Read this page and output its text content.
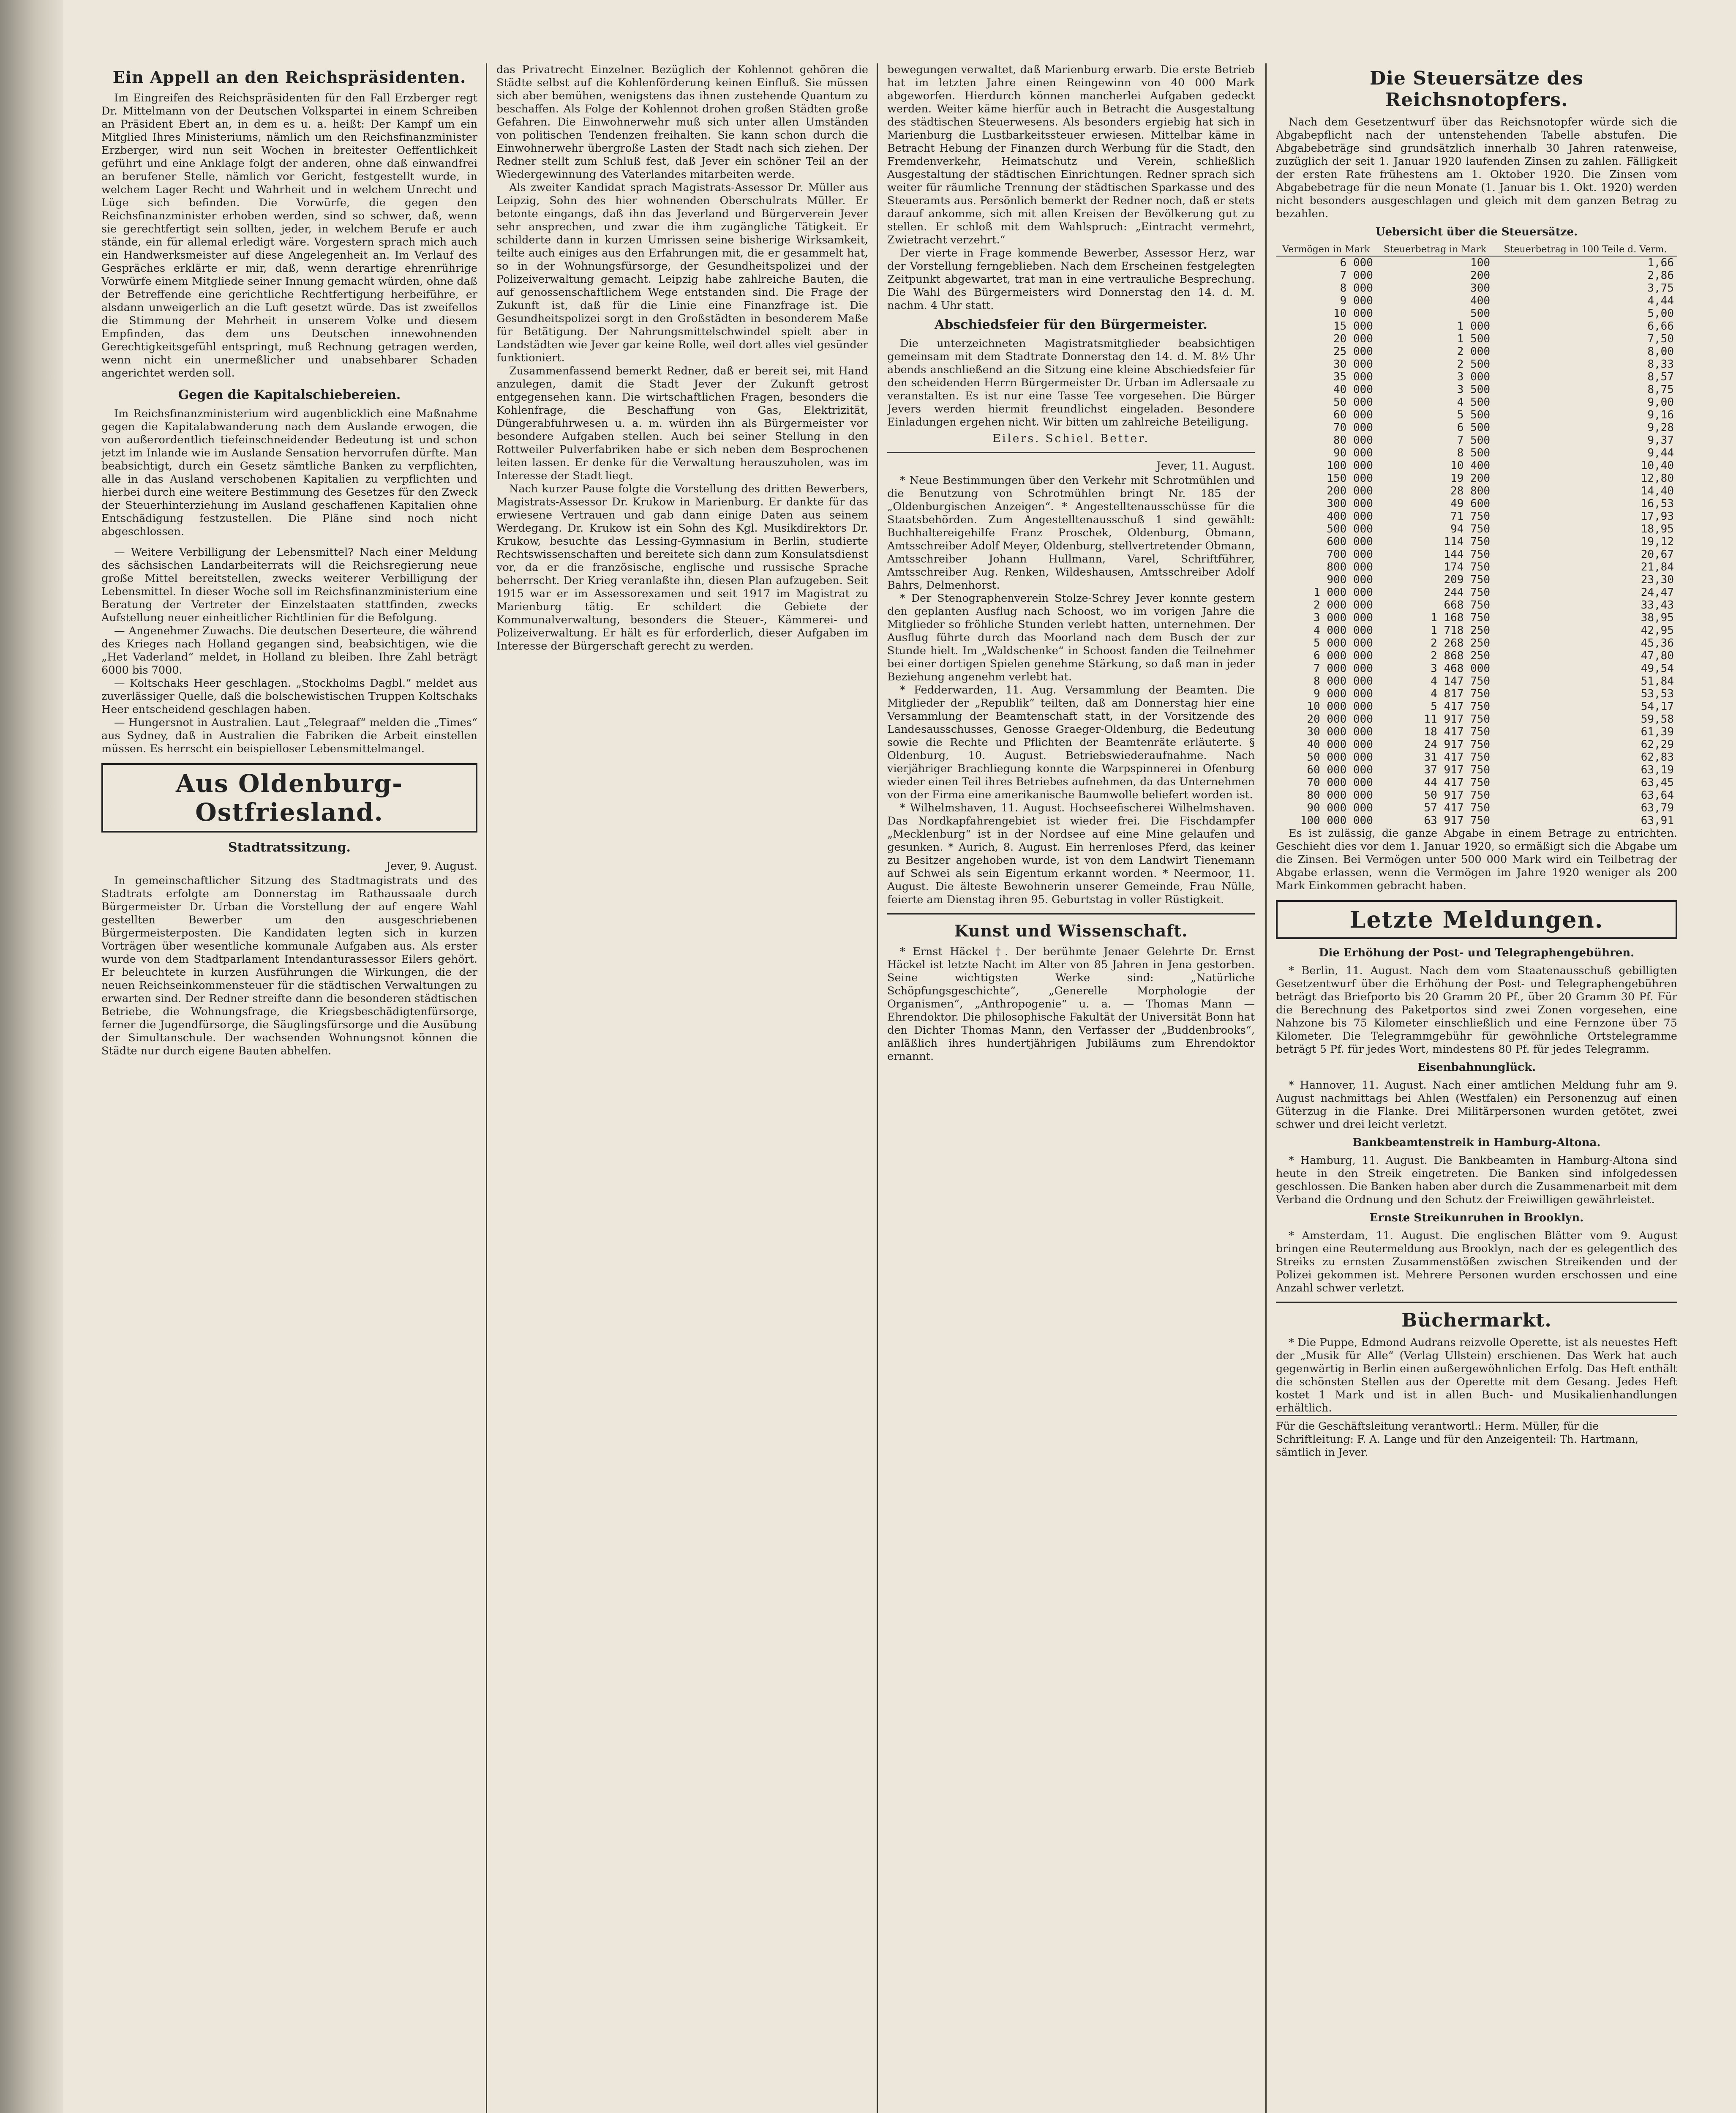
Ein Appell an den Reichspräsidenten.

Im Eingreifen des Reichspräsidenten für den Fall Erzberger regt Dr. Mittelmann von der Deutschen Volkspartei in einem Schreiben an Präsident Ebert an, in dem es u. a. heißt: Der Kampf um ein Mitglied Ihres Ministeriums, nämlich um den Reichsfinanzminister Erzberger, wird nun seit Wochen in breitester Oeffentlichkeit geführt und eine Anklage folgt der anderen, ohne daß einwandfrei an berufener Stelle, nämlich vor Gericht, festgestellt wurde, in welchem Lager Recht und Wahrheit und in welchem Unrecht und Lüge sich befinden. Die Vorwürfe, die gegen den Reichsfinanzminister erhoben werden, sind so schwer, daß, wenn sie gerechtfertigt sein sollten, jeder, in welchem Berufe er auch stände, ein für allemal erledigt wäre. Vorgestern sprach mich auch ein Handwerksmeister auf diese Angelegenheit an. Im Verlauf des Gespräches erklärte er mir, daß, wenn derartige ehrenrührige Vorwürfe einem Mitgliede seiner Innung gemacht würden, ohne daß der Betreffende eine gerichtliche Rechtfertigung herbeiführe, er alsdann unweigerlich an die Luft gesetzt würde. Das ist zweifellos die Stimmung der Mehrheit in unserem Volke und diesem Empfinden, das dem uns Deutschen innewohnenden Gerechtigkeitsgefühl entspringt, muß Rechnung getragen werden, wenn nicht ein unermeßlicher und unabsehbarer Schaden angerichtet werden soll.

Gegen die Kapitalschiebereien.

Im Reichsfinanzministerium wird augenblicklich eine Maßnahme gegen die Kapitalabwanderung nach dem Auslande erwogen, die von außerordentlich tiefeinschneidender Bedeutung ist und schon jetzt im Inlande wie im Auslande Sensation hervorrufen dürfte. Man beabsichtigt, durch ein Gesetz sämtliche Banken zu verpflichten, alle in das Ausland verschobenen Kapitalien zu verpflichten und hierbei durch eine weitere Bestimmung des Gesetzes für den Zweck der Steuerhinterziehung im Ausland geschaffenen Kapitalien ohne Entschädigung festzustellen. Die Pläne sind noch nicht abgeschlossen.

— Weitere Verbilligung der Lebensmittel? Nach einer Meldung des sächsischen Landarbeiterrats will die Reichsregierung neue große Mittel bereitstellen, zwecks weiterer Verbilligung der Lebensmittel. In dieser Woche soll im Reichsfinanzministerium eine Beratung der Vertreter der Einzelstaaten stattfinden, zwecks Aufstellung neuer einheitlicher Richtlinien für die Befolgung.

— Angenehmer Zuwachs. Die deutschen Deserteure, die während des Krieges nach Holland gegangen sind, beabsichtigen, wie die „Het Vaderland“ meldet, in Holland zu bleiben. Ihre Zahl beträgt 6000 bis 7000.

— Koltschaks Heer geschlagen. „Stockholms Dagbl.“ meldet aus zuverlässiger Quelle, daß die bolschewistischen Truppen Koltschaks Heer entscheidend geschlagen haben.

— Hungersnot in Australien. Laut „Telegraaf“ melden die „Times“ aus Sydney, daß in Australien die Fabriken die Arbeit einstellen müssen. Es herrscht ein beispielloser Lebensmittelmangel.

Aus Oldenburg-Ostfriesland.
Stadtratssitzung.
Jever, 9. August.

In gemeinschaftlicher Sitzung des Stadtmagistrats und des Stadtrats erfolgte am Donnerstag im Rathaussaale durch Bürgermeister Dr. Urban die Vorstellung der auf engere Wahl gestellten Bewerber um den ausgeschriebenen Bürgermeisterposten. Die Kandidaten legten sich in kurzen Vorträgen über wesentliche kommunale Aufgaben aus. Als erster wurde von dem Stadtparlament Intendanturassessor Eilers gehört. Er beleuchtete in kurzen Ausführungen die Wirkungen, die der neuen Reichseinkommensteuer für die städtischen Verwaltungen zu erwarten sind. Der Redner streifte dann die besonderen städtischen Betriebe, die Wohnungsfrage, die Kriegsbeschädigtenfürsorge, ferner die Jugendfürsorge, die Säuglingsfürsorge und die Ausübung der Simultanschule. Der wachsenden Wohnungsnot können die Städte nur durch eigene Bauten abhelfen.

das Privatrecht Einzelner. Bezüglich der Kohlennot gehören die Städte selbst auf die Kohlenförderung keinen Einfluß. Sie müssen sich aber bemühen, wenigstens das ihnen zustehende Quantum zu beschaffen. Als Folge der Kohlennot drohen großen Städten große Gefahren. Die Einwohnerwehr muß sich unter allen Umständen von politischen Tendenzen freihalten. Sie kann schon durch die Einwohnerwehr übergroße Lasten der Stadt nach sich ziehen. Der Redner stellt zum Schluß fest, daß Jever ein schöner Teil an der Wiedergewinnung des Vaterlandes mitarbeiten werde.

Als zweiter Kandidat sprach Magistrats-Assessor Dr. Müller aus Leipzig, Sohn des hier wohnenden Oberschulrats Müller. Er betonte eingangs, daß ihn das Jeverland und Bürgerverein Jever sehr ansprechen, und zwar die ihm zugängliche Tätigkeit. Er schilderte dann in kurzen Umrissen seine bisherige Wirksamkeit, teilte auch einiges aus den Erfahrungen mit, die er gesammelt hat, so in der Wohnungsfürsorge, der Gesundheitspolizei und der Polizeiverwaltung gemacht. Leipzig habe zahlreiche Bauten, die auf genossenschaftlichem Wege entstanden sind. Die Frage der Zukunft ist, daß für die Linie eine Finanzfrage ist. Die Gesundheitspolizei sorgt in den Großstädten in besonderem Maße für Betätigung. Der Nahrungsmittelschwindel spielt aber in Landstädten wie Jever gar keine Rolle, weil dort alles viel gesünder funktioniert.

Zusammenfassend bemerkt Redner, daß er bereit sei, mit Hand anzulegen, damit die Stadt Jever der Zukunft getrost entgegensehen kann. Die wirtschaftlichen Fragen, besonders die Kohlenfrage, die Beschaffung von Gas, Elektrizität, Düngerabfuhrwesen u. a. m. würden ihn als Bürgermeister vor besondere Aufgaben stellen. Auch bei seiner Stellung in den Rottweiler Pulverfabriken habe er sich neben dem Besprochenen leiten lassen. Er denke für die Verwaltung herauszuholen, was im Interesse der Stadt liegt.

Nach kurzer Pause folgte die Vorstellung des dritten Bewerbers, Magistrats-Assessor Dr. Krukow in Marienburg. Er dankte für das erwiesene Vertrauen und gab dann einige Daten aus seinem Werdegang. Dr. Krukow ist ein Sohn des Kgl. Musikdirektors Dr. Krukow, besuchte das Lessing-Gymnasium in Berlin, studierte Rechtswissenschaften und bereitete sich dann zum Konsulatsdienst vor, da er die französische, englische und russische Sprache beherrscht. Der Krieg veranlaßte ihn, diesen Plan aufzugeben. Seit 1915 war er im Assessorexamen und seit 1917 im Magistrat zu Marienburg tätig. Er schildert die Gebiete der Kommunalverwaltung, besonders die Steuer-, Kämmerei- und Polizeiverwaltung. Er hält es für erforderlich, dieser Aufgaben im Interesse der Bürgerschaft gerecht zu werden.

bewegungen verwaltet, daß Marienburg erwarb. Die erste Betrieb hat im letzten Jahre einen Reingewinn von 40 000 Mark abgeworfen. Hierdurch können mancherlei Aufgaben gedeckt werden. Weiter käme hierfür auch in Betracht die Ausgestaltung des städtischen Steuerwesens. Als besonders ergiebig hat sich in Marienburg die Lustbarkeitssteuer erwiesen. Mittelbar käme in Betracht Hebung der Finanzen durch Werbung für die Stadt, den Fremdenverkehr, Heimatschutz und Verein, schließlich Ausgestaltung der städtischen Einrichtungen. Redner sprach sich weiter für räumliche Trennung der städtischen Sparkasse und des Steueramts aus. Persönlich bemerkt der Redner noch, daß er stets darauf ankomme, sich mit allen Kreisen der Bevölkerung gut zu stellen. Er schloß mit dem Wahlspruch: „Eintracht vermehrt, Zwietracht verzehrt.“

Der vierte in Frage kommende Bewerber, Assessor Herz, war der Vorstellung ferngeblieben. Nach dem Erscheinen festgelegten Zeitpunkt abgewartet, trat man in eine vertrauliche Besprechung. Die Wahl des Bürgermeisters wird Donnerstag den 14. d. M. nachm. 4 Uhr statt.

Abschiedsfeier für den Bürgermeister.

Die unterzeichneten Magistratsmitglieder beabsichtigen gemeinsam mit dem Stadtrate Donnerstag den 14. d. M. 8½ Uhr abends anschließend an die Sitzung eine kleine Abschiedsfeier für den scheidenden Herrn Bürgermeister Dr. Urban im Adlersaale zu veranstalten. Es ist nur eine Tasse Tee vorgesehen. Die Bürger Jevers werden hiermit freundlichst eingeladen. Besondere Einladungen ergehen nicht. Wir bitten um zahlreiche Beteiligung.

Eilers. Schiel. Better.
Jever, 11. August.

* Neue Bestimmungen über den Verkehr mit Schrotmühlen und die Benutzung von Schrotmühlen bringt Nr. 185 der „Oldenburgischen Anzeigen“. * Angestelltenausschüsse für die Staatsbehörden. Zum Angestelltenausschuß 1 sind gewählt: Buchhaltereigehilfe Franz Proschek, Oldenburg, Obmann, Amtsschreiber Adolf Meyer, Oldenburg, stellvertretender Obmann, Amtsschreiber Johann Hullmann, Varel, Schriftführer, Amtsschreiber Aug. Renken, Wildeshausen, Amtsschreiber Adolf Bahrs, Delmenhorst.

* Der Stenographenverein Stolze-Schrey Jever konnte gestern den geplanten Ausflug nach Schoost, wo im vorigen Jahre die Mitglieder so fröhliche Stunden verlebt hatten, unternehmen. Der Ausflug führte durch das Moorland nach dem Busch der zur Stunde hielt. Im „Waldschenke“ in Schoost fanden die Teilnehmer bei einer dortigen Spielen genehme Stärkung, so daß man in jeder Beziehung angenehm verlebt hat.

* Fedderwarden, 11. Aug. Versammlung der Beamten. Die Mitglieder der „Republik“ teilten, daß am Donnerstag hier eine Versammlung der Beamtenschaft statt, in der Vorsitzende des Landesausschusses, Genosse Graeger-Oldenburg, die Bedeutung sowie die Rechte und Pflichten der Beamtenräte erläuterte. § Oldenburg, 10. August. Betriebswiederaufnahme. Nach vierjähriger Brachliegung konnte die Warpspinnerei in Ofenburg wieder einen Teil ihres Betriebes aufnehmen, da das Unternehmen von der Firma eine amerikanische Baumwolle beliefert worden ist.

* Wilhelmshaven, 11. August. Hochseefischerei Wilhelmshaven. Das Nordkapfahrengebiet ist wieder frei. Die Fischdampfer „Mecklenburg“ ist in der Nordsee auf eine Mine gelaufen und gesunken. * Aurich, 8. August. Ein herrenloses Pferd, das keiner zu Besitzer angehoben wurde, ist von dem Landwirt Tienemann auf Schwei als sein Eigentum erkannt worden. * Neermoor, 11. August. Die älteste Bewohnerin unserer Gemeinde, Frau Nülle, feierte am Dienstag ihren 95. Geburtstag in voller Rüstigkeit.

Kunst und Wissenschaft.

* Ernst Häckel †. Der berühmte Jenaer Gelehrte Dr. Ernst Häckel ist letzte Nacht im Alter von 85 Jahren in Jena gestorben. Seine wichtigsten Werke sind: „Natürliche Schöpfungsgeschichte“, „Generelle Morphologie der Organismen“, „Anthropogenie“ u. a. — Thomas Mann — Ehrendoktor. Die philosophische Fakultät der Universität Bonn hat den Dichter Thomas Mann, den Verfasser der „Buddenbrooks“, anläßlich ihres hundertjährigen Jubiläums zum Ehrendoktor ernannt.

Die Steuersätze des Reichsnotopfers.

Nach dem Gesetzentwurf über das Reichsnotopfer würde sich die Abgabepflicht nach der untenstehenden Tabelle abstufen. Die Abgabebeträge sind grundsätzlich innerhalb 30 Jahren ratenweise, zuzüglich der seit 1. Januar 1920 laufenden Zinsen zu zahlen. Fälligkeit der ersten Rate frühestens am 1. Oktober 1920. Die Zinsen vom Abgabebetrage für die neun Monate (1. Januar bis 1. Okt. 1920) werden nicht besonders ausgeschlagen und gleich mit dem ganzen Betrag zu bezahlen.

Uebersicht über die Steuersätze.
Vermögen in Mark	Steuerbetrag in Mark	Steuerbetrag in 100 Teile d. Verm.
6 000	100	1,66
7 000	200	2,86
8 000	300	3,75
9 000	400	4,44
10 000	500	5,00
15 000	1 000	6,66
20 000	1 500	7,50
25 000	2 000	8,00
30 000	2 500	8,33
35 000	3 000	8,57
40 000	3 500	8,75
50 000	4 500	9,00
60 000	5 500	9,16
70 000	6 500	9,28
80 000	7 500	9,37
90 000	8 500	9,44
100 000	10 400	10,40
150 000	19 200	12,80
200 000	28 800	14,40
300 000	49 600	16,53
400 000	71 750	17,93
500 000	94 750	18,95
600 000	114 750	19,12
700 000	144 750	20,67
800 000	174 750	21,84
900 000	209 750	23,30
1 000 000	244 750	24,47
2 000 000	668 750	33,43
3 000 000	1 168 750	38,95
4 000 000	1 718 250	42,95
5 000 000	2 268 250	45,36
6 000 000	2 868 250	47,80
7 000 000	3 468 000	49,54
8 000 000	4 147 750	51,84
9 000 000	4 817 750	53,53
10 000 000	5 417 750	54,17
20 000 000	11 917 750	59,58
30 000 000	18 417 750	61,39
40 000 000	24 917 750	62,29
50 000 000	31 417 750	62,83
60 000 000	37 917 750	63,19
70 000 000	44 417 750	63,45
80 000 000	50 917 750	63,64
90 000 000	57 417 750	63,79
100 000 000	63 917 750	63,91

Es ist zulässig, die ganze Abgabe in einem Betrage zu entrichten. Geschieht dies vor dem 1. Januar 1920, so ermäßigt sich die Abgabe um die Zinsen. Bei Vermögen unter 500 000 Mark wird ein Teilbetrag der Abgabe erlassen, wenn die Vermögen im Jahre 1920 weniger als 200 Mark Einkommen gebracht haben.

Letzte Meldungen.
Die Erhöhung der Post- und Telegraphengebühren.

* Berlin, 11. August. Nach dem vom Staatenausschuß gebilligten Gesetzentwurf über die Erhöhung der Post- und Telegraphengebühren beträgt das Briefporto bis 20 Gramm 20 Pf., über 20 Gramm 30 Pf. Für die Berechnung des Paketportos sind zwei Zonen vorgesehen, eine Nahzone bis 75 Kilometer einschließlich und eine Fernzone über 75 Kilometer. Die Telegrammgebühr für gewöhnliche Ortstelegramme beträgt 5 Pf. für jedes Wort, mindestens 80 Pf. für jedes Telegramm.

Eisenbahnunglück.

* Hannover, 11. August. Nach einer amtlichen Meldung fuhr am 9. August nachmittags bei Ahlen (Westfalen) ein Personenzug auf einen Güterzug in die Flanke. Drei Militärpersonen wurden getötet, zwei schwer und drei leicht verletzt.

Bankbeamtenstreik in Hamburg-Altona.

* Hamburg, 11. August. Die Bankbeamten in Hamburg-Altona sind heute in den Streik eingetreten. Die Banken sind infolgedessen geschlossen. Die Banken haben aber durch die Zusammenarbeit mit dem Verband die Ordnung und den Schutz der Freiwilligen gewährleistet.

Ernste Streikunruhen in Brooklyn.

* Amsterdam, 11. August. Die englischen Blätter vom 9. August bringen eine Reutermeldung aus Brooklyn, nach der es gelegentlich des Streiks zu ernsten Zusammenstößen zwischen Streikenden und der Polizei gekommen ist. Mehrere Personen wurden erschossen und eine Anzahl schwer verletzt.

Büchermarkt.

* Die Puppe, Edmond Audrans reizvolle Operette, ist als neuestes Heft der „Musik für Alle“ (Verlag Ullstein) erschienen. Das Werk hat auch gegenwärtig in Berlin einen außergewöhnlichen Erfolg. Das Heft enthält die schönsten Stellen aus der Operette mit dem Gesang. Jedes Heft kostet 1 Mark und ist in allen Buch- und Musikalienhandlungen erhältlich.

Für die Geschäftsleitung verantwortl.: Herm. Müller, für die Schriftleitung: F. A. Lange und für den Anzeigenteil: Th. Hartmann, sämtlich in Jever.
